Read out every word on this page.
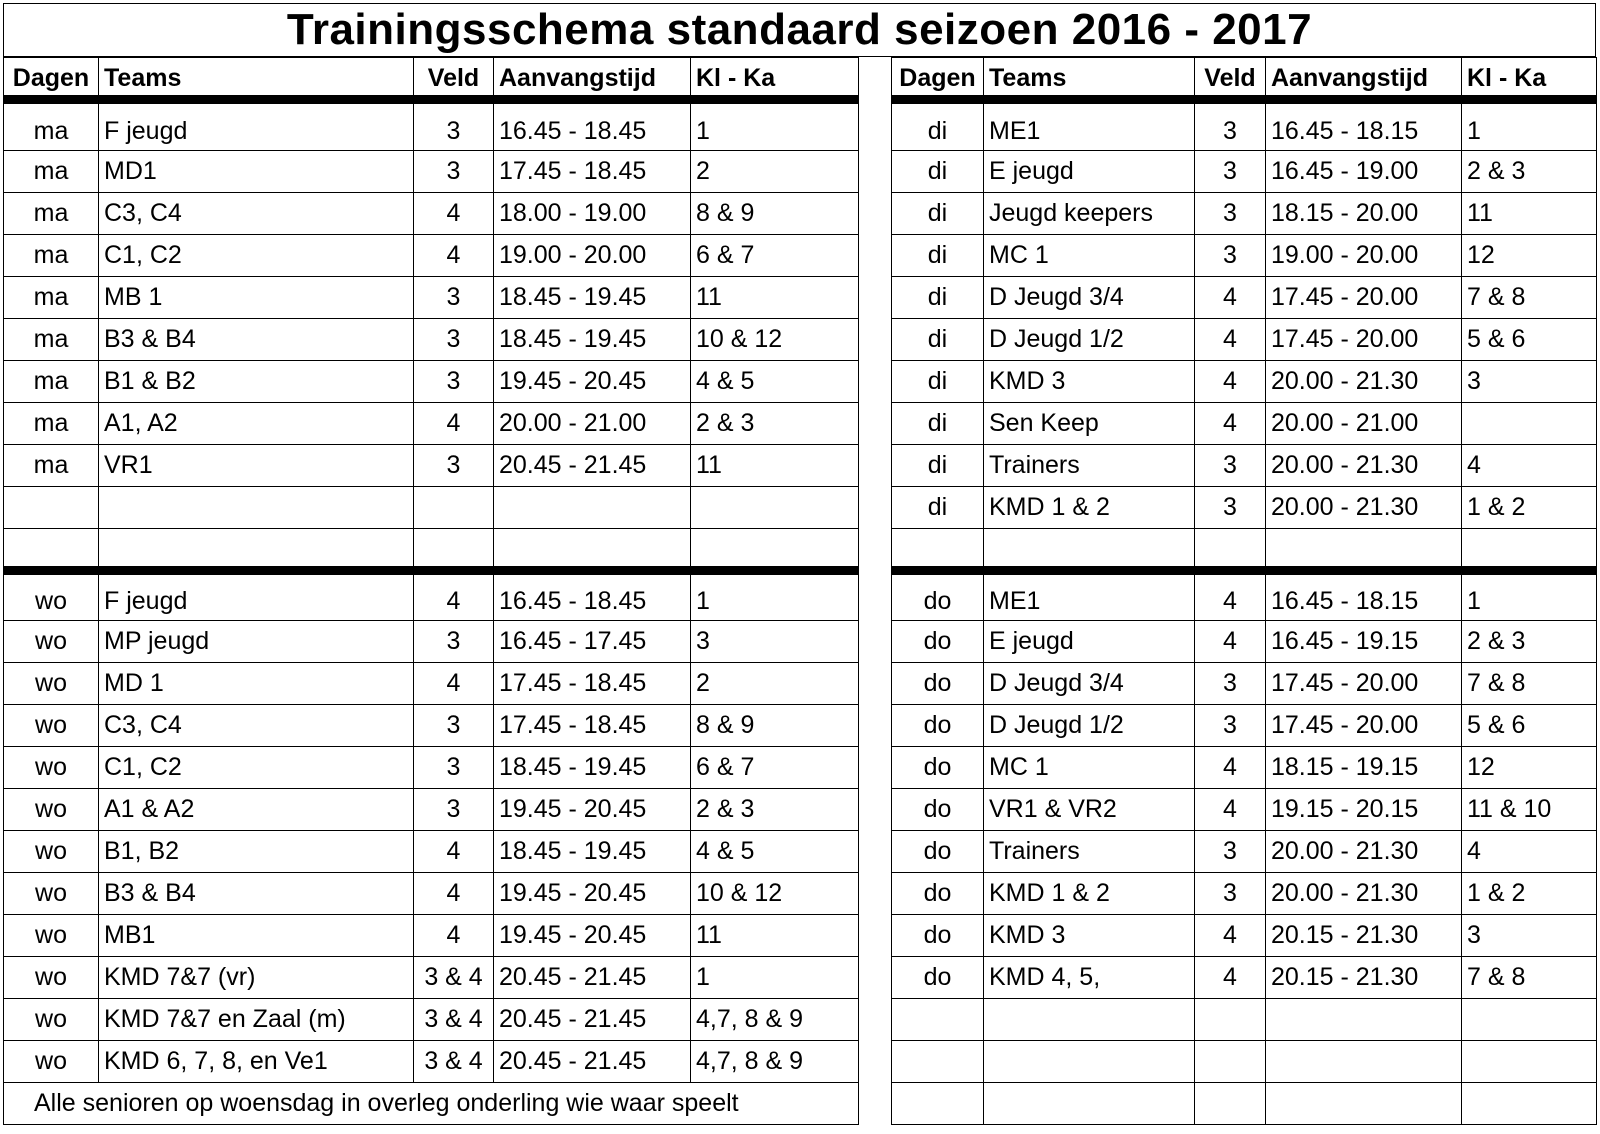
Trainingsschema standaard seizoen 2016 - 2017
Dagen	Teams	Veld	Aanvangstijd	Kl - Ka
ma	F jeugd	3	16.45 - 18.45	1
ma	MD1	3	17.45 - 18.45	2
ma	C3, C4	4	18.00 - 19.00	8 & 9
ma	C1, C2	4	19.00 - 20.00	6 & 7
ma	MB 1	3	18.45 - 19.45	11
ma	B3 & B4	3	18.45 - 19.45	10 & 12
ma	B1 & B2	3	19.45 - 20.45	4 & 5
ma	A1, A2	4	20.00 - 21.00	2 & 3
ma	VR1	3	20.45 - 21.45	11

wo	F jeugd	4	16.45 - 18.45	1
wo	MP jeugd	3	16.45 - 17.45	3
wo	MD 1	4	17.45 - 18.45	2
wo	C3, C4	3	17.45 - 18.45	8 & 9
wo	C1, C2	3	18.45 - 19.45	6 & 7
wo	A1 & A2	3	19.45 - 20.45	2 & 3
wo	B1, B2	4	18.45 - 19.45	4 & 5
wo	B3 & B4	4	19.45 - 20.45	10 & 12
wo	MB1	4	19.45 - 20.45	11
wo	KMD 7&7 (vr)	3 & 4	20.45 - 21.45	1
wo	KMD 7&7 en Zaal (m)	3 & 4	20.45 - 21.45	4,7, 8 & 9
wo	KMD 6, 7, 8, en Ve1	3 & 4	20.45 - 21.45	4,7, 8 & 9
Alle senioren op woensdag in overleg onderling wie waar speelt				
Dagen	Teams	Veld	Aanvangstijd	Kl - Ka
di	ME1	3	16.45 - 18.15	1
di	E jeugd	3	16.45 - 19.00	2 & 3
di	Jeugd keepers	3	18.15 - 20.00	11
di	MC 1	3	19.00 - 20.00	12
di	D Jeugd 3/4	4	17.45 - 20.00	7 & 8
di	D Jeugd 1/2	4	17.45 - 20.00	5 & 6
di	KMD 3	4	20.00 - 21.30	3
di	Sen Keep	4	20.00 - 21.00	
di	Trainers	3	20.00 - 21.30	4
di	KMD 1 & 2	3	20.00 - 21.30	1 & 2

do	ME1	4	16.45 - 18.15	1
do	E jeugd	4	16.45 - 19.15	2 & 3
do	D Jeugd 3/4	3	17.45 - 20.00	7 & 8
do	D Jeugd 1/2	3	17.45 - 20.00	5 & 6
do	MC 1	4	18.15 - 19.15	12
do	VR1 & VR2	4	19.15 - 20.15	11 & 10
do	Trainers	3	20.00 - 21.30	4
do	KMD 1 & 2	3	20.00 - 21.30	1 & 2
do	KMD 3	4	20.15 - 21.30	3
do	KMD 4, 5,	4	20.15 - 21.30	7 & 8
